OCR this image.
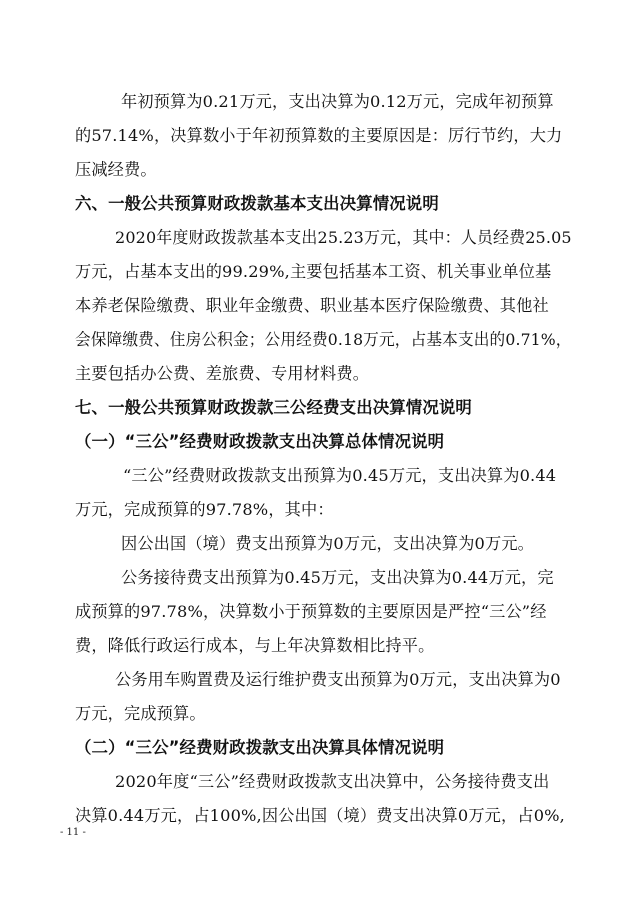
年初预算为0.21万元，支出决算为0.12万元，完成年初预算
的57.14%，决算数小于年初预算数的主要原因是：厉行节约，大力
压减经费。
六、一般公共预算财政拨款基本支出决算情况说明
2020年度财政拨款基本支出25.23万元，其中：人员经费25.05
万元，占基本支出的99.29%,主要包括基本工资、机关事业单位基
本养老保险缴费、职业年金缴费、职业基本医疗保险缴费、其他社
会保障缴费、住房公积金；公用经费0.18万元，占基本支出的0.71%，
主要包括办公费、差旅费、专用材料费。
七、一般公共预算财政拨款三公经费支出决算情况说明
（一）“三公”经费财政拨款支出决算总体情况说明
“三公”经费财政拨款支出预算为0.45万元，支出决算为0.44
万元，完成预算的97.78%，其中：
因公出国（境）费支出预算为0万元，支出决算为0万元。
公务接待费支出预算为0.45万元，支出决算为0.44万元，完
成预算的97.78%，决算数小于预算数的主要原因是严控“三公”经
费，降低行政运行成本，与上年决算数相比持平。
公务用车购置费及运行维护费支出预算为0万元，支出决算为0
万元，完成预算。
（二）“三公”经费财政拨款支出决算具体情况说明
2020年度“三公”经费财政拨款支出决算中，公务接待费支出
决算0.44万元，占100%,因公出国（境）费支出决算0万元，占0%,
- 11 -
